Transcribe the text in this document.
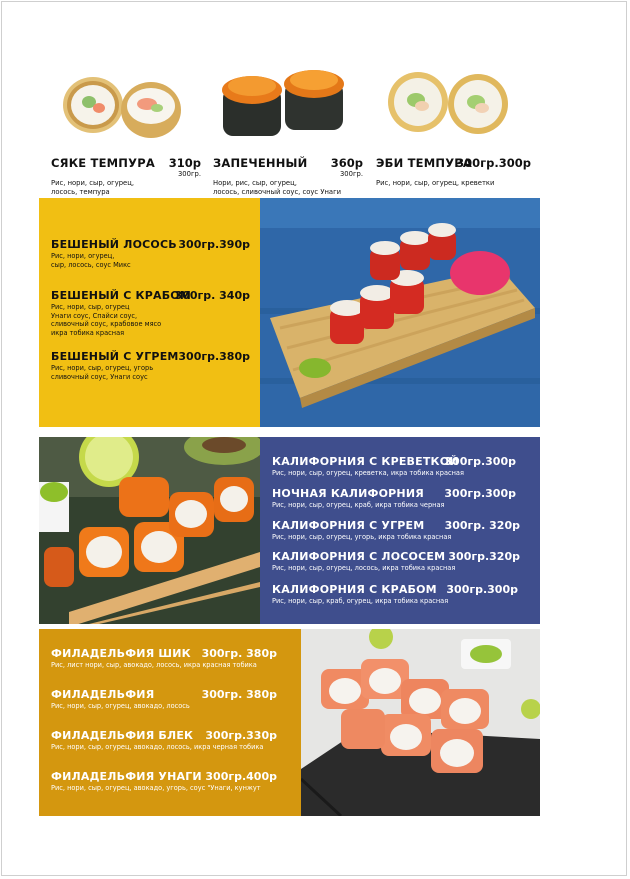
СЯКЕ ТЕМПУРА 310р

Рис, нори, сыр, огурец,
лосось, темпура

300гр.

ЗАПЕЧЕННЫЙ 360р

Нори, рис, сыр, огурец,
лосось, сливочный соус, соус Унаги

300гр.

ЭБИ ТЕМПУРА
300гр.300р

Рис, нори, сыр, огурец, креветки

БЕШЕНЫЙ ЛОСОСЬ 300гр.390р
Рис, нори, огурец,
сыр, лосось, соус Микс
БЕШЕНЫЙ С КРАБОМ
300гр. 340р
Рис, нори, сыр, огурец
Унаги соус, Спайси соус,
сливочный соус, крабовое мясо
икра тобика красная
БЕШЕНЫЙ С УГРЕМ 300гр.380р
Рис, нори, сыр, огурец, угорь
сливочный соус, Унаги соус
КАЛИФОРНИЯ С КРЕВЕТКОЙ
300гр.300р
Рис, нори, сыр, огурец, креветка, икра тобика красная
НОЧНАЯ КАЛИФОРНИЯ 300гр.300р
Рис, нори, сыр, огурец, краб, икра тобика черная
КАЛИФОРНИЯ С УГРЕМ 300гр. 320р
Рис, нори, сыр, огурец, угорь, икра тобика красная
КАЛИФОРНИЯ С ЛОСОСЕМ 300гр.320р
Рис, нори, сыр, огурец, лосось, икра тобика красная
КАЛИФОРНИЯ С КРАБОМ 300гр.300р
Рис, нори, сыр, краб, огурец, икра тобика красная
ФИЛАДЕЛЬФИЯ ШИК 300гр. 380р
Рис, лист нори, сыр, авокадо, лосось, икра красная тобика
ФИЛАДЕЛЬФИЯ	300гр. 380р
Рис, нори, сыр, огурец, авокадо, лосось
ФИЛАДЕЛЬФИЯ БЛЕК 300гр.330р
Рис, нори, сыр, огурец, авокадо, лосось, икра черная тобика
ФИЛАДЕЛЬФИЯ УНАГИ 300гр.400р
Рис, нори, сыр, огурец, авокадо, угорь, соус "Унаги, кунжут
